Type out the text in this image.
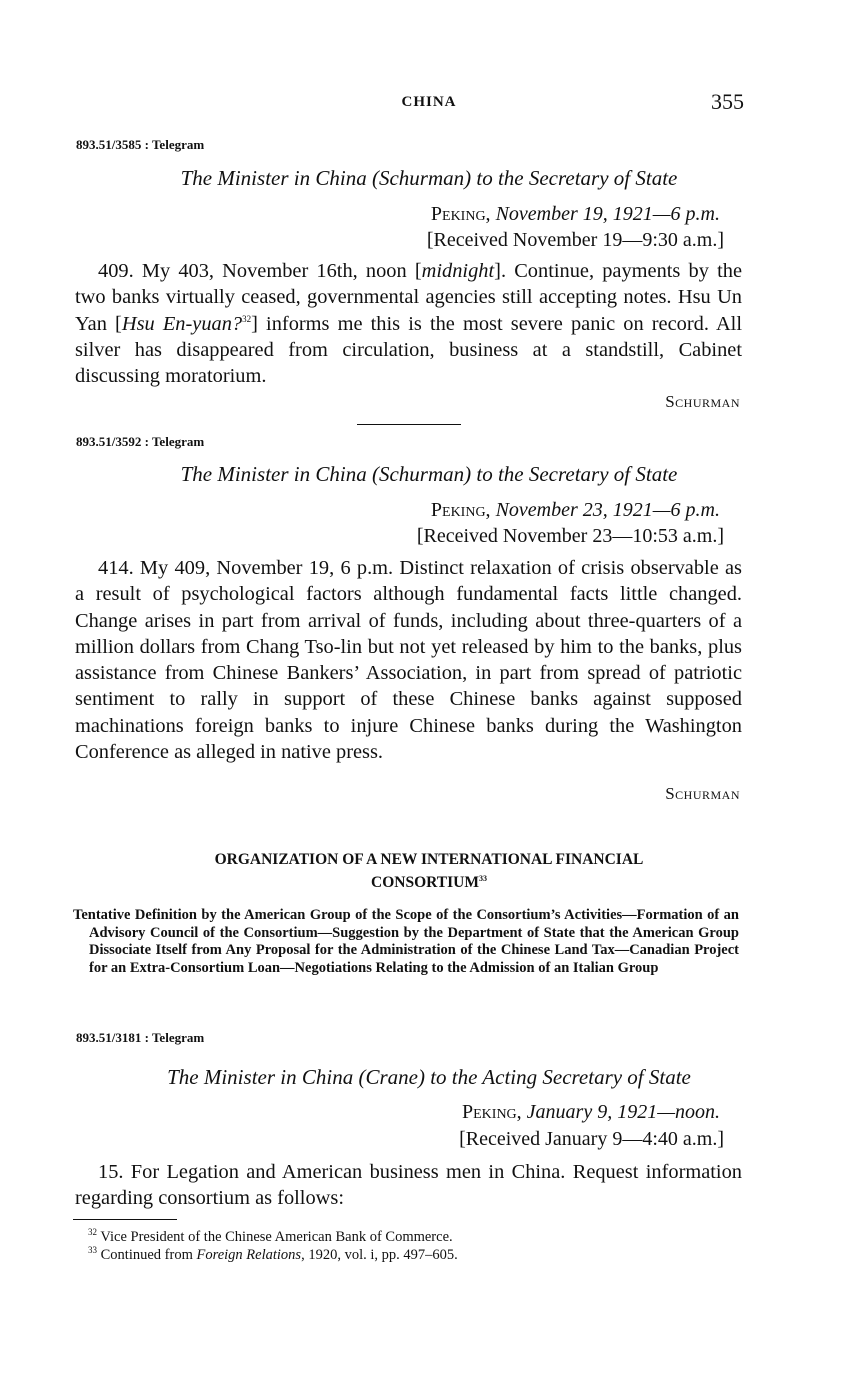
CHINA	355
893.51/3585 : Telegram
The Minister in China (Schurman) to the Secretary of State
Peking, November 19, 1921—6 p.m.
[Received November 19—9:30 a.m.]

409. My 403, November 16th, noon [midnight]. Continue, payments by the two banks virtually ceased, governmental agencies still accepting notes. Hsu Un Yan [Hsu En-yuan?$^{32}$] informs me this is the most severe panic on record. All silver has disappeared from circulation, business at a standstill, Cabinet discussing moratorium.

Schurman
893.51/3592 : Telegram
The Minister in China (Schurman) to the Secretary of State
Peking, November 23, 1921—6 p.m.
[Received November 23—10:53 a.m.]

414. My 409, November 19, 6 p.m. Distinct relaxation of crisis observable as a result of psychological factors although fundamental facts little changed. Change arises in part from arrival of funds, including about three-quarters of a million dollars from Chang Tso-lin but not yet released by him to the banks, plus assistance from Chinese Bankers’ Association, in part from spread of patriotic sentiment to rally in support of these Chinese banks against supposed machinations foreign banks to injure Chinese banks during the Washington Conference as alleged in native press.

Schurman
ORGANIZATION OF A NEW INTERNATIONAL FINANCIAL
CONSORTIUM$^{33}$
Tentative Definition by the American Group of the Scope of the Consortium’s Activities—Formation of an Advisory Council of the Consortium—Suggestion by the Department of State that the American Group Dissociate Itself from Any Proposal for the Administration of the Chinese Land Tax—Canadian Project for an Extra-Consortium Loan—Negotiations Relating to the Admission of an Italian Group
893.51/3181 : Telegram
The Minister in China (Crane) to the Acting Secretary of State
Peking, January 9, 1921—noon.
[Received January 9—4:40 a.m.]

15. For Legation and American business men in China. Request information regarding consortium as follows:

$^{32}$ Vice President of the Chinese American Bank of Commerce.
$^{33}$ Continued from Foreign Relations, 1920, vol. i, pp. 497–605.
